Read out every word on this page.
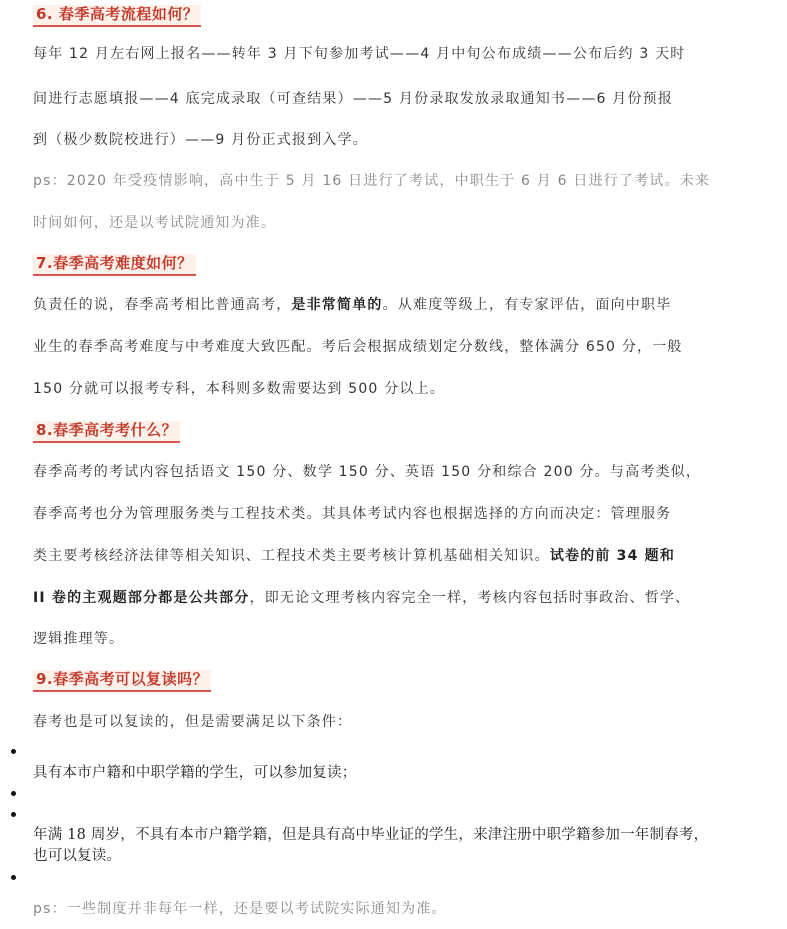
6. 春季高考流程如何？
每年 12 月左右网上报名——转年 3 月下旬参加考试——4 月中旬公布成绩——公布后约 3 天时
间进行志愿填报——4 底完成录取（可查结果）——5 月份录取发放录取通知书——6 月份预报
到（极少数院校进行）——9 月份正式报到入学。
ps：2020 年受疫情影响，高中生于 5 月 16 日进行了考试，中职生于 6 月 6 日进行了考试。未来
时间如何，还是以考试院通知为准。
7.春季高考难度如何？
负责任的说，春季高考相比普通高考，是非常简单的。从难度等级上，有专家评估，面向中职毕
业生的春季高考难度与中考难度大致匹配。考后会根据成绩划定分数线，整体满分 650 分，一般
150 分就可以报考专科，本科则多数需要达到 500 分以上。
8.春季高考考什么？
春季高考的考试内容包括语文 150 分、数学 150 分、英语 150 分和综合 200 分。与高考类似，
春季高考也分为管理服务类与工程技术类。其具体考试内容也根据选择的方向而决定：管理服务
类主要考核经济法律等相关知识、工程技术类主要考核计算机基础相关知识。试卷的前 34 题和
II 卷的主观题部分都是公共部分，即无论文理考核内容完全一样，考核内容包括时事政治、哲学、
逻辑推理等。
9.春季高考可以复读吗？
春考也是可以复读的，但是需要满足以下条件：
具有本市户籍和中职学籍的学生，可以参加复读；
年满 18 周岁，不具有本市户籍学籍，但是具有高中毕业证的学生，来津注册中职学籍参加一年制春考，
也可以复读。
ps：一些制度并非每年一样，还是要以考试院实际通知为准。
